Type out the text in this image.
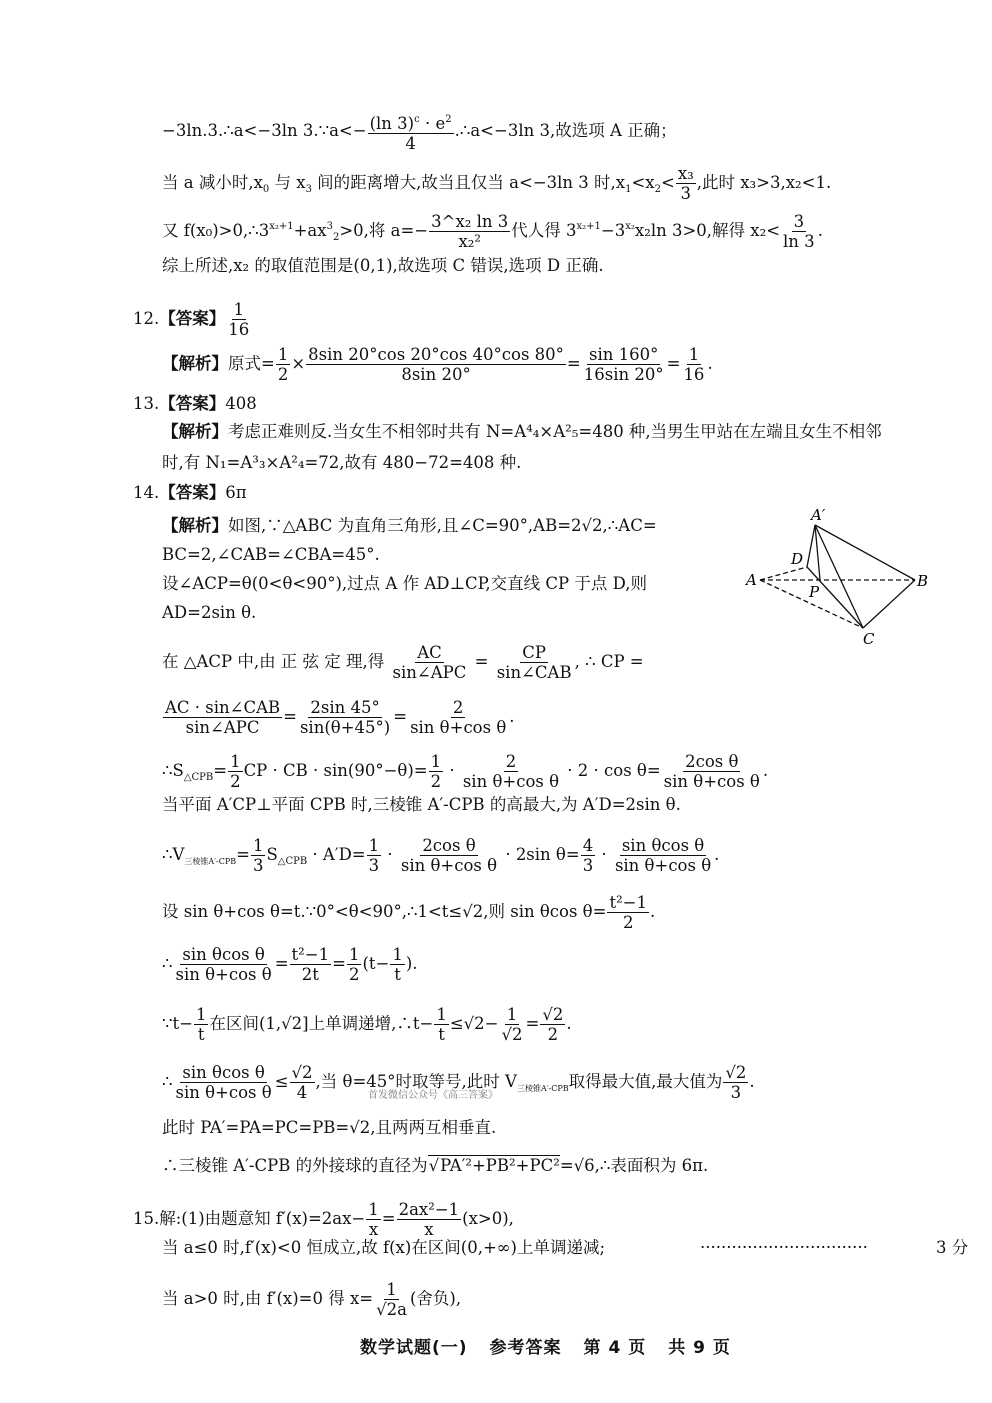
−3ln.3.∴a<−3ln 3.∵a<− $\frac{(\ln 3)^c \cdot e^2}{4}$ .∴a<−3ln 3,故选项 A 正确；
当 a 减小时$,x_0$ 与 $x_3$ 间的距离增大,故当且仅当 a<−3ln 3 时$,x_1<x_2< \frac{\text{x₃}}{3}$ ,此时 x₃>3,x₂<1.
又 $f(x_0)>0,\therefore 3^{x_2+1}+ax^3_2>0$,将 $a=- \frac{\text{3\textasciicircum{}x₂ ln 3}}{\text{x₂²}}$ 代人得 $3^{x_2+1}-3^{x_2}x_2\ln$ 3>0,解得 $x_2< \frac{3}{\ln 3}$ .
综上所述,x₂ 的取值范围是(0,1),故选项 C 错误,选项 D 正确.
12.【答案】 $\frac{1}{16}$
【解析】原式= $\frac{1}{2} \times \frac{8\sin 20^\circ\cos 20^\circ\cos 40^\circ\cos 80^\circ}{8\sin 20^\circ} = \frac{\sin 160^\circ}{16\sin 20^\circ} = \frac{1}{16}$ .
13.【答案】408
【解析】考虑正难则反.当女生不相邻时共有 N=A⁴₄×A²₅=480 种,当男生甲站在左端且女生不相邻
时,有 N₁=A³₃×A²₄=72,故有 480−72=408 种.
14.【答案】6π
【解析】如图,∵△ABC 为直角三角形,且∠C=90°,AB=2√2,∴AC=
BC=2,∠CAB=∠CBA=45°.
设∠ACP=θ(0<θ<90°),过点 A 作 AD⊥CP,交直线 CP 于点 D,则
AD=2sin θ.
A′
D
A
P
B
C
在 △ACP 中,由 正 弦 定 理,得 $\frac{AC}{\text{sin∠APC}} = \frac{CP}{\text{sin∠CAB}}$ , ∴ CP =
$\frac{\text{AC · sin∠CAB}}{\text{sin∠APC}} = \frac{2\sin 45^\circ}{\sin(\theta+45^\circ)} = \frac{2}{\text{sin θ+cos θ}}$ .
$\therefore S_{\triangle CPB}= \frac{1}{2}$ CP · CB · $\sin(90^\circ-\theta)= \frac{1}{2} \cdot \frac{2}{\text{sin θ+cos θ}} \cdot 2 \cdot \cos \theta= \frac{\text{2cos θ}}{\text{sin θ+cos θ}}$ .
当平面 A′CP⊥平面 CPB 时,三棱锥 A′-CPB 的高最大,为 A′D=2sin θ.
$\therefore V_{三棱锥A'-CPB}= \frac{1}{3} S_{\triangle CPB} \cdot A'D= \frac{1}{3} \cdot \frac{\text{2cos θ}}{\text{sin θ+cos θ}} \cdot 2\sin$ $\theta= \frac{4}{3} \cdot \frac{\text{sin θcos θ}}{\text{sin θ+cos θ}}$ .
设 sin θ+cos θ=t.∵0°<θ<90°,∴1<t≤√2,则 sin θcos $\theta= \frac{\text{t²−1}}{2}$ .
∴ $\frac{\text{sin θcos θ}}{\text{sin θ+cos θ}} = \frac{\text{t²−1}}{2t} = \frac{1}{2} (t- \frac{1}{t}$ ).
∵t− $\frac{1}{t}$ 在区间(1,√2]上单调递增,∴t− $\frac{1}{t} \le√2- \frac{1}{√2} = \frac{√2}{2}$ .
∴ $\frac{\text{sin θcos θ}}{\text{sin θ+cos θ}} \le \frac{√2}{4}$ ,当 θ=45°时取等号,此时 $V_{三棱锥A'-CPB}$取得最大值,最大值为 $\frac{√2}{3}$ .
首发微信公众号《高三答案》
此时 PA′=PA=PC=PB=√2,且两两互相垂直.
∴三棱锥 A′-CPB 的外接球的直径为 √ PA′²+PB²+PC²=√6,∴表面积为 6π.
15.解:(1)由题意知 $f'(x)=2ax- \frac{1}{x} = \frac{\text{2ax²−1}}{x} (x>0)$,
当 a≤0 时,f′(x)<0 恒成立,故 f(x)在区间(0,+∞)上单调递减;	································	3 分
当 a>0 时,由 f′(x)=0 得 $x= \frac{1}{√2a}$ (舍负),
数学试题(一) 参考答案 第 4 页 共 9 页
